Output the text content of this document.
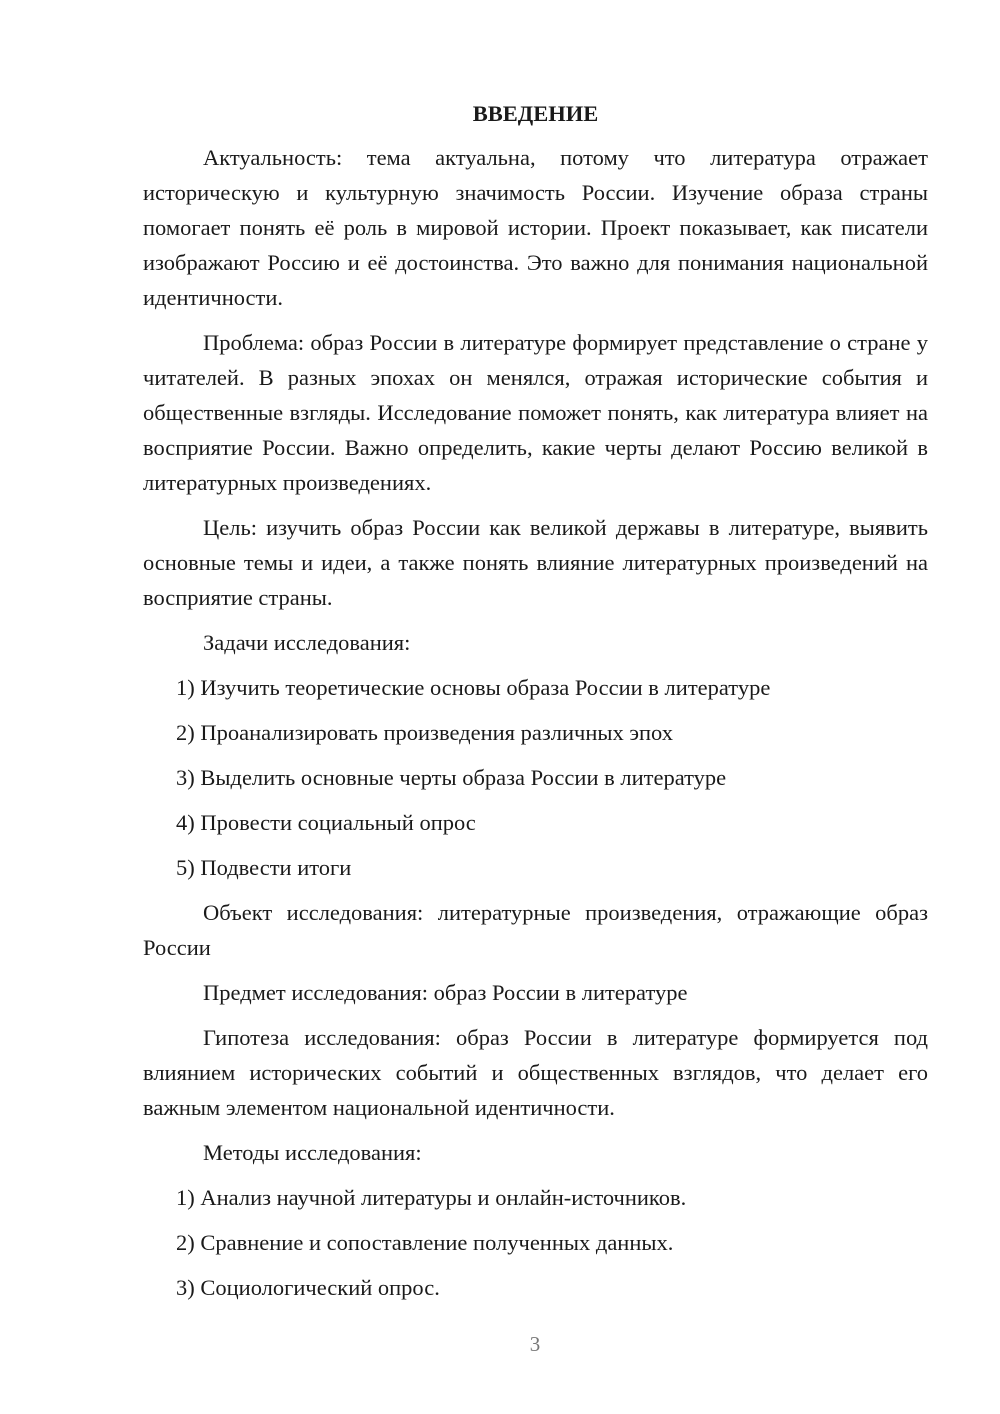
ВВЕДЕНИЕ

Актуальность: тема актуальна, потому что литература отражает историческую и культурную значимость России. Изучение образа страны помогает понять её роль в мировой истории. Проект показывает, как писатели изображают Россию и её достоинства. Это важно для понимания национальной идентичности.

Проблема: образ России в литературе формирует представление о стране у читателей. В разных эпохах он менялся, отражая исторические события и общественные взгляды. Исследование поможет понять, как литература влияет на восприятие России. Важно определить, какие черты делают Россию великой в литературных произведениях.

Цель: изучить образ России как великой державы в литературе, выявить основные темы и идеи, а также понять влияние литературных произведений на восприятие страны.

Задачи исследования:
1) Изучить теоретические основы образа России в литературе
2) Проанализировать произведения различных эпох
3) Выделить основные черты образа России в литературе
4) Провести социальный опрос
5) Подвести итоги

Объект исследования: литературные произведения, отражающие образ России

Предмет исследования: образ России в литературе

Гипотеза исследования: образ России в литературе формируется под влиянием исторических событий и общественных взглядов, что делает его важным элементом национальной идентичности.

Методы исследования:
1) Анализ научной литературы и онлайн-источников.
2) Сравнение и сопоставление полученных данных.
3) Социологический опрос.
3
